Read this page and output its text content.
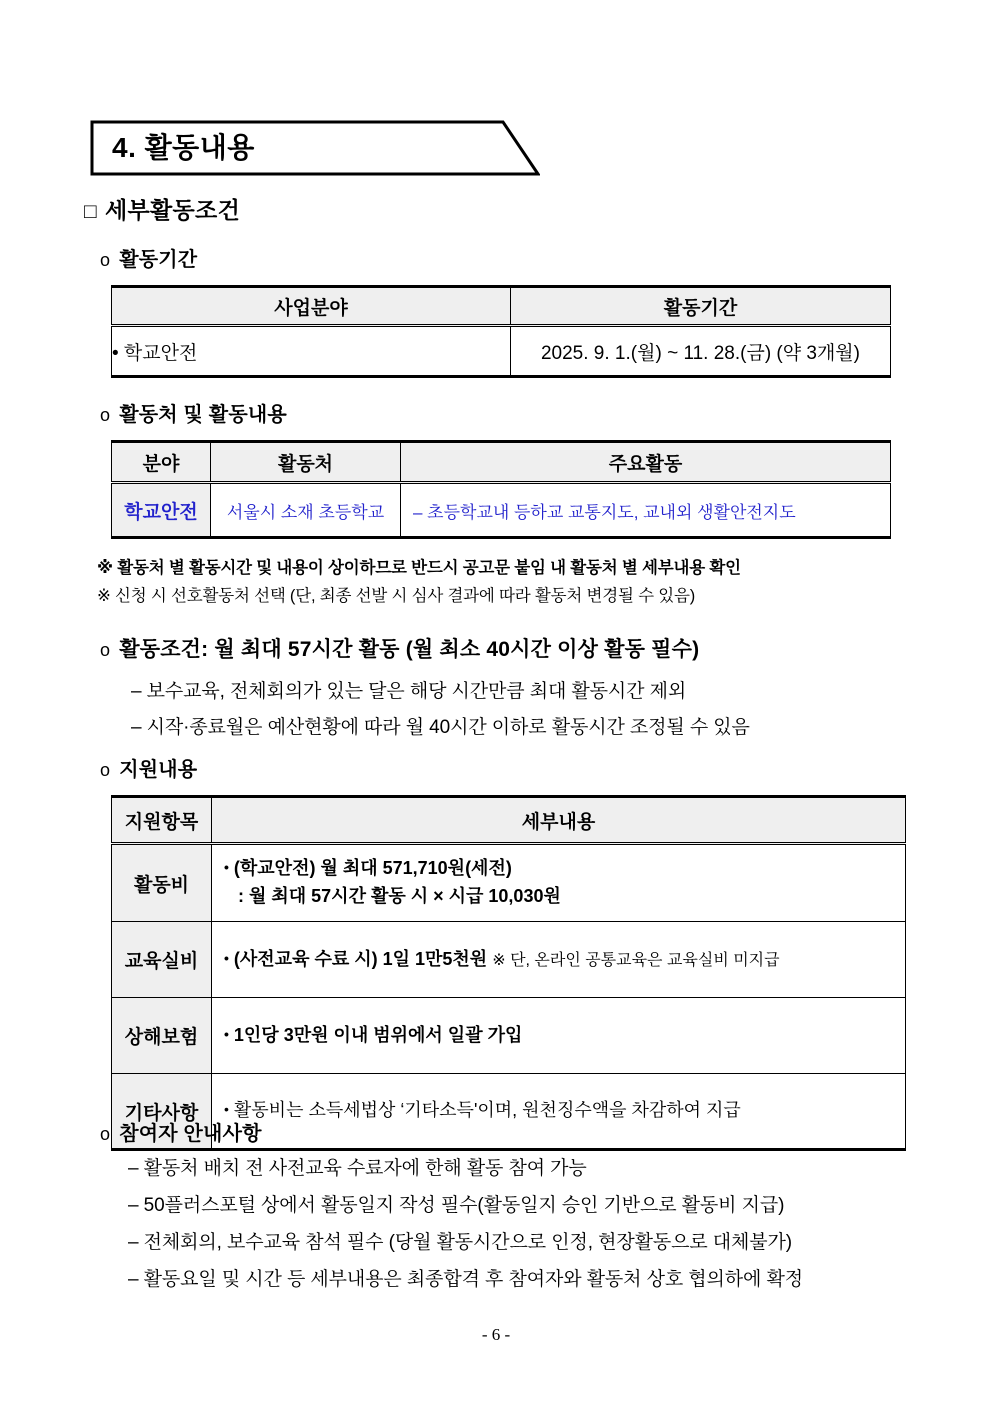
4. 활동내용
□ 세부활동조건
o 활동기간
사업분야	활동기간
• 학교안전	2025. 9. 1.(월) ~ 11. 28.(금) (약 3개월)
o 활동처 및 활동내용
분야	활동처	주요활동
학교안전	서울시 소재 초등학교	– 초등학교내 등하교 교통지도, 교내외 생활안전지도
※ 활동처 별 활동시간 및 내용이 상이하므로 반드시 공고문 붙임 내 활동처 별 세부내용 확인
※ 신청 시 선호활동처 선택 (단, 최종 선발 시 심사 결과에 따라 활동처 변경될 수 있음)
o 활동조건: 월 최대 57시간 활동 (월 최소 40시간 이상 활동 필수)
– 보수교육, 전체회의가 있는 달은 해당 시간만큼 최대 활동시간 제외
– 시작·종료월은 예산현황에 따라 월 40시간 이하로 활동시간 조정될 수 있음
o 지원내용
지원항목	세부내용
활동비	• (학교안전) 월 최대 571,710원(세전)
: 월 최대 57시간 활동 시 × 시급 10,030원

교육실비	• (사전교육 수료 시) 1일 1만5천원 ※ 단, 온라인 공통교육은 교육실비 미지급
상해보험	• 1인당 3만원 이내 범위에서 일괄 가입
기타사항	• 활동비는 소득세법상 ‘기타소득'이며, 원천징수액을 차감하여 지급
o 참여자 안내사항
– 활동처 배치 전 사전교육 수료자에 한해 활동 참여 가능
– 50플러스포털 상에서 활동일지 작성 필수(활동일지 승인 기반으로 활동비 지급)
– 전체회의, 보수교육 참석 필수 (당월 활동시간으로 인정, 현장활동으로 대체불가)
– 활동요일 및 시간 등 세부내용은 최종합격 후 참여자와 활동처 상호 협의하에 확정
- 6 -
